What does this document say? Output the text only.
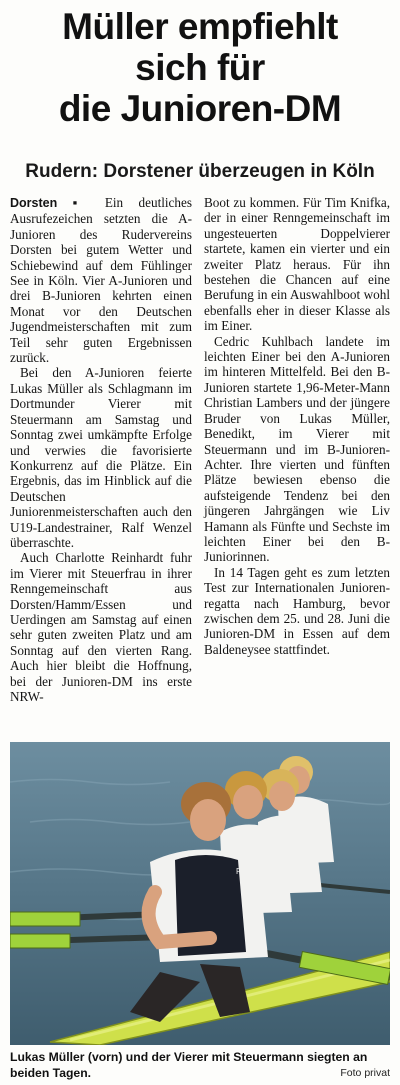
Müller empfiehlt
sich für
die Junioren-DM
Rudern: Dorstener überzeugen in Köln

Dorsten ▪ Ein deutliches Ausrufezeichen setzten die A-Junioren des Rudervereins Dorsten bei gutem Wetter und Schiebewind auf dem Fühlinger See in Köln. Vier A-Junioren und drei B-Junioren kehrten einen Monat vor den Deutschen Jugendmeisterschaften mit zum Teil sehr guten Ergebnissen zurück.

Bei den A-Junioren feierte Lukas Müller als Schlagmann im Dortmunder Vierer mit Steuermann am Samstag und Sonntag zwei umkämpfte Erfolge und verwies die favorisierte Konkurrenz auf die Plätze. Ein Ergebnis, das im Hinblick auf die Deutschen Juniorenmeisterschaften auch den U19-Landestrainer, Ralf Wenzel überraschte.

Auch Charlotte Reinhardt fuhr im Vierer mit Steuerfrau in ihrer Renngemeinschaft aus Dorsten/Hamm/Essen und Uerdingen am Samstag auf einen sehr guten zweiten Platz und am Sonntag auf den vierten Rang. Auch hier bleibt die Hoffnung, bei der Junioren-DM ins erste NRW-

Boot zu kommen. Für Tim Knifka, der in einer Renngemeinschaft im ungesteuerten Doppelvierer startete, kamen ein vierter und ein zweiter Platz heraus. Für ihn bestehen die Chancen auf eine Berufung in ein Auswahlboot wohl ebenfalls eher in dieser Klasse als im Einer.

Cedric Kuhlbach landete im leichten Einer bei den A-Junioren im hinteren Mittelfeld. Bei den B-Junioren startete 1,96-Meter-Mann Christian Lambers und der jüngere Bruder von Lukas Müller, Benedikt, im Vierer mit Steuermann und im B-Junioren-Achter. Ihre vierten und fünften Plätze bewiesen ebenso die aufsteigende Tendenz bei den jüngeren Jahrgängen wie Liv Hamann als Fünfte und Sechste im leichten Einer bei den B-Juniorinnen.

In 14 Tagen geht es zum letzten Test zur Internationalen Juniorenregatta nach Hamburg, bevor zwischen dem 25. und 28. Juni die Junioren-DM in Essen auf dem Baldeneysee stattfindet.

RVB
Lukas Müller (vorn) und der Vierer mit Steuermann siegten an beiden Tagen.	Foto privat
